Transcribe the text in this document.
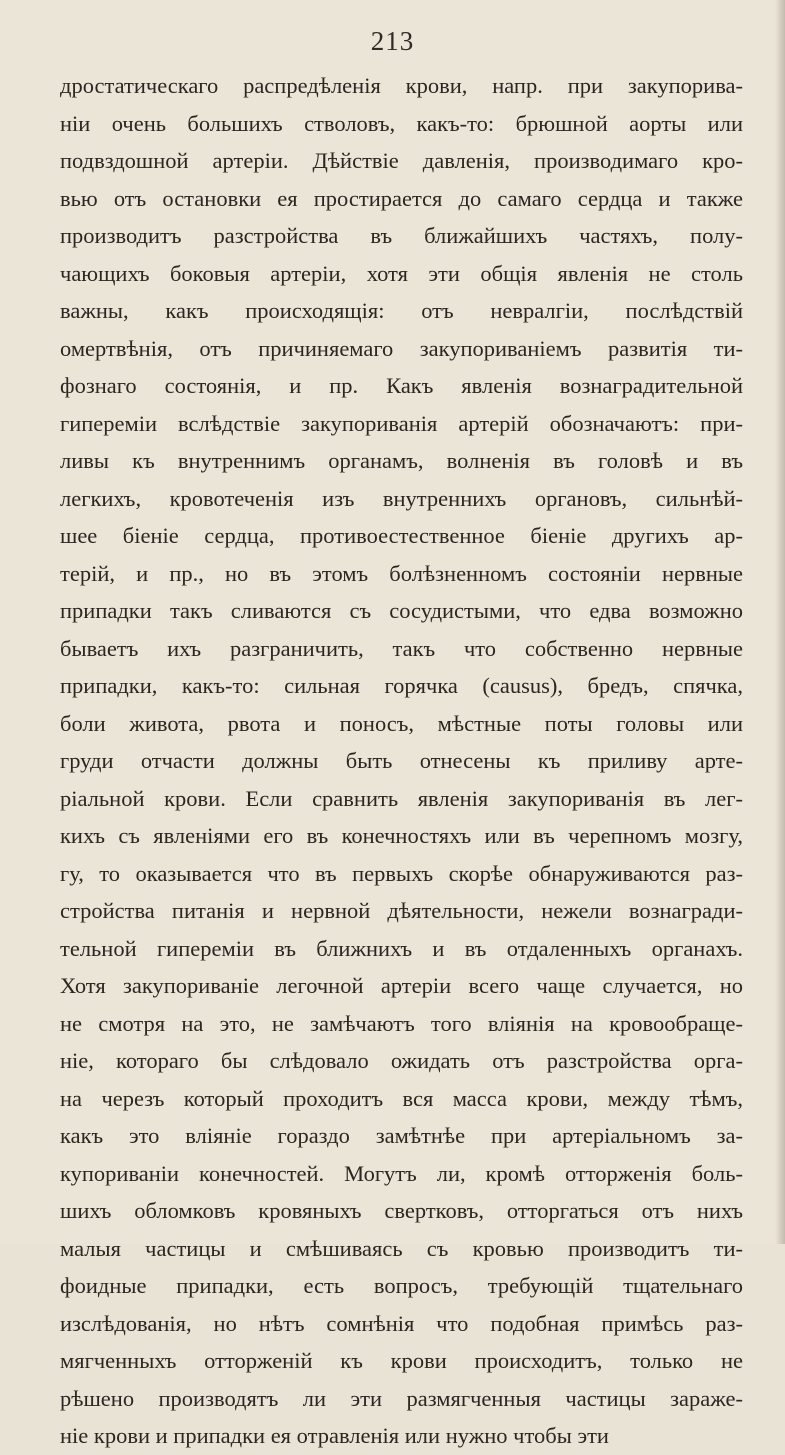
213
дростатическаго распредѣленія крови, напр. при закупорива-
ніи очень большихъ стволовъ, какъ-то: брюшной аорты или
подвздошной артеріи. Дѣйствіе давленія, производимаго кро-
вью отъ остановки ея простирается до самаго сердца и также
производитъ разстройства въ ближайшихъ частяхъ, полу-
чающихъ боковыя артеріи, хотя эти общія явленія не столь
важны, какъ происходящія: отъ невралгіи, послѣдствій
омертвѣнія, отъ причиняемаго закупориваніемъ развитія ти-
фознаго состоянія, и пр. Какъ явленія вознаградительной
гипереміи вслѣдствіе закупориванія артерій обозначаютъ: при-
ливы къ внутреннимъ органамъ, волненія въ головѣ и въ
легкихъ, кровотеченія изъ внутреннихъ органовъ, сильнѣй-
шее біеніе сердца, противоестественное біеніе другихъ ар-
терій, и пр., но въ этомъ болѣзненномъ состояніи нервные
припадки такъ сливаются съ сосудистыми, что едва возможно
бываетъ ихъ разграничить, такъ что собственно нервные
припадки, какъ-то: сильная горячка (causus), бредъ, спячка,
боли живота, рвота и поносъ, мѣстные поты головы или
груди отчасти должны быть отнесены къ приливу арте-
ріальной крови. Если сравнить явленія закупориванія въ лег-
кихъ съ явленіями его въ конечностяхъ или въ черепномъ мозгу,
гу, то оказывается что въ первыхъ скорѣе обнаруживаются раз-
стройства питанія и нервной дѣятельности, нежели вознагради-
тельной гипереміи въ ближнихъ и въ отдаленныхъ органахъ.
Хотя закупориваніе легочной артеріи всего чаще случается, но
не смотря на это, не замѣчаютъ того вліянія на кровообраще-
ніе, котораго бы слѣдовало ожидать отъ разстройства орга-
на черезъ который проходитъ вся масса крови, между тѣмъ,
какъ это вліяніе гораздо замѣтнѣе при артеріальномъ за-
купориваніи конечностей. Могутъ ли, кромѣ отторженія боль-
шихъ обломковъ кровяныхъ свертковъ, отторгаться отъ нихъ
малыя частицы и смѣшиваясь съ кровью производитъ ти-
фоидные припадки, есть вопросъ, требующій тщательнаго
изслѣдованія, но нѣтъ сомнѣнія что подобная примѣсь раз-
мягченныхъ отторженій къ крови происходитъ, только не
рѣшено производятъ ли эти размягченныя частицы зараже-
ніе крови и припадки ея отравленія или нужно чтобы эти
